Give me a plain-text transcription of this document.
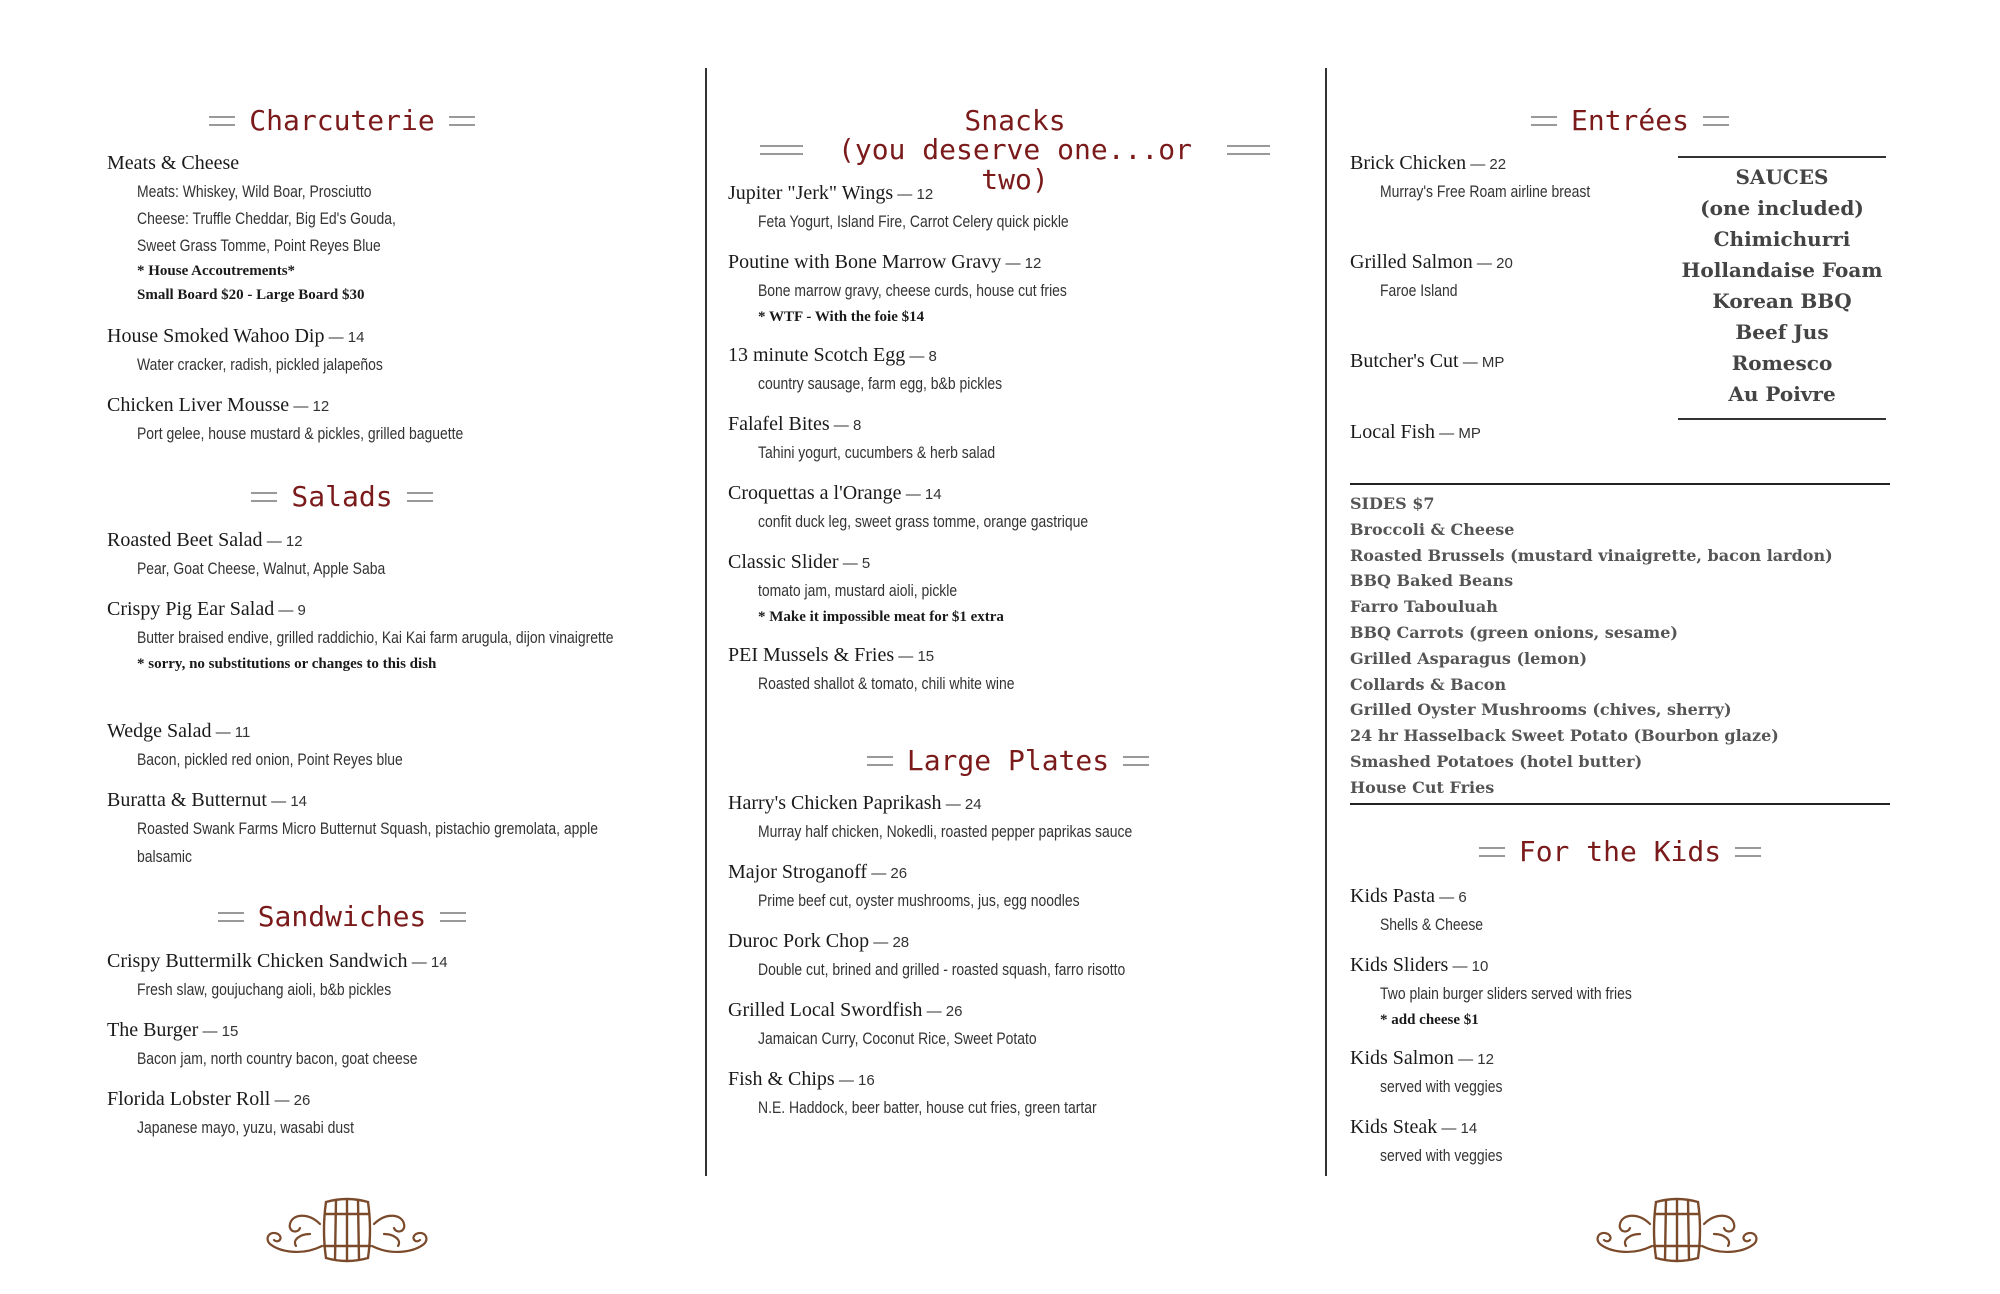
Charcuterie
Meats & Cheese
Meats: Whiskey, Wild Boar, Prosciutto
Cheese: Truffle Cheddar, Big Ed's Gouda,
Sweet Grass Tomme, Point Reyes Blue
* House Accoutrements*
Small Board $20 - Large Board $30
House Smoked Wahoo Dip — 14
Water cracker, radish, pickled jalapeños
Chicken Liver Mousse — 12
Port gelee, house mustard & pickles, grilled baguette
Salads
Roasted Beet Salad — 12
Pear, Goat Cheese, Walnut, Apple Saba
Crispy Pig Ear Salad — 9
Butter braised endive, grilled raddichio, Kai Kai farm arugula, dijon vinaigrette
* sorry, no substitutions or changes to this dish
Wedge Salad — 11
Bacon, pickled red onion, Point Reyes blue
Buratta & Butternut — 14
Roasted Swank Farms Micro Butternut Squash, pistachio gremolata, apple balsamic
Sandwiches
Crispy Buttermilk Chicken Sandwich — 14
Fresh slaw, goujuchang aioli, b&b pickles
The Burger — 15
Bacon jam, north country bacon, goat cheese
Florida Lobster Roll — 26
Japanese mayo, yuzu, wasabi dust
Snacks
(you deserve one...or two)
Jupiter "Jerk" Wings — 12
Feta Yogurt, Island Fire, Carrot Celery quick pickle
Poutine with Bone Marrow Gravy — 12
Bone marrow gravy, cheese curds, house cut fries
* WTF - With the foie $14
13 minute Scotch Egg — 8
country sausage, farm egg, b&b pickles
Falafel Bites — 8
Tahini yogurt, cucumbers & herb salad
Croquettas a l'Orange — 14
confit duck leg, sweet grass tomme, orange gastrique
Classic Slider — 5
tomato jam, mustard aioli, pickle
* Make it impossible meat for $1 extra
PEI Mussels & Fries — 15
Roasted shallot & tomato, chili white wine
Large Plates
Harry's Chicken Paprikash — 24
Murray half chicken, Nokedli, roasted pepper paprikas sauce
Major Stroganoff — 26
Prime beef cut, oyster mushrooms, jus, egg noodles
Duroc Pork Chop — 28
Double cut, brined and grilled - roasted squash, farro risotto
Grilled Local Swordfish — 26
Jamaican Curry, Coconut Rice, Sweet Potato
Fish & Chips — 16
N.E. Haddock, beer batter, house cut fries, green tartar
Entrées
Brick Chicken — 22
Murray's Free Roam airline breast
Grilled Salmon — 20
Faroe Island
Butcher's Cut — MP
Local Fish — MP
SAUCES
(one included)
Chimichurri
Hollandaise Foam
Korean BBQ
Beef Jus
Romesco
Au Poivre
SIDES $7
Broccoli & Cheese
Roasted Brussels (mustard vinaigrette, bacon lardon)
BBQ Baked Beans
Farro Tabouluah
BBQ Carrots (green onions, sesame)
Grilled Asparagus (lemon)
Collards & Bacon
Grilled Oyster Mushrooms (chives, sherry)
24 hr Hasselback Sweet Potato (Bourbon glaze)
Smashed Potatoes (hotel butter)
House Cut Fries
For the Kids
Kids Pasta — 6
Shells & Cheese
Kids Sliders — 10
Two plain burger sliders served with fries
* add cheese $1
Kids Salmon — 12
served with veggies
Kids Steak — 14
served with veggies
